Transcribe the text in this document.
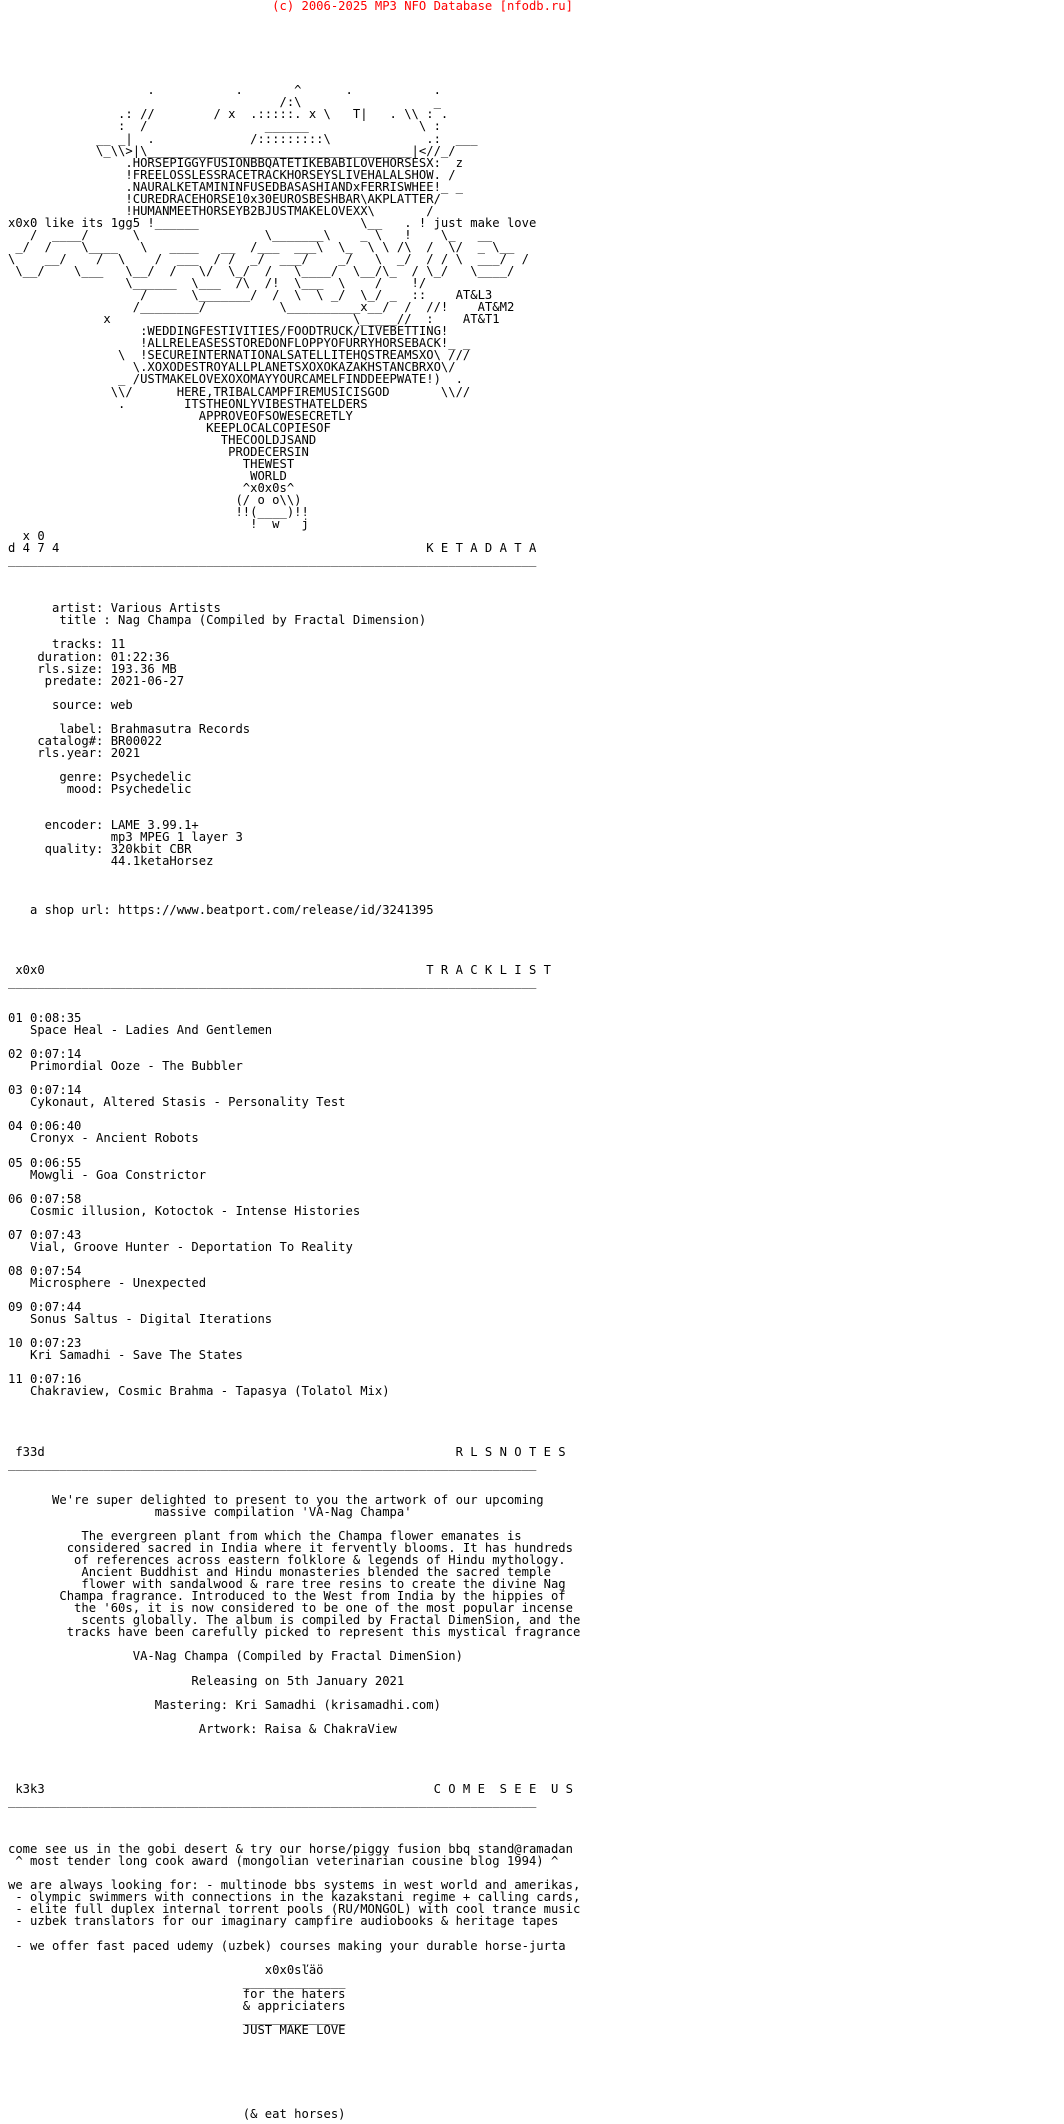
(c) 2006-2025 MP3 NFO Database [nfodb.ru]

.           .       ^      .           .
/:\                  _
.: //        / x  .:::::. x \   T|   . \\ : .
:  /                ______               \ :
__ _|  .             /:::::::::\             .:  ___
\_\\>|\____________________________________|<//_/
.HORSEPIGGYFUSIONBBQATETIKEBABILOVEHORSESX:  z
!FREELOSSLESSRACETRACKHORSEYSLIVEHALALSHOW. /
.NAURALKETAMININFUSEDBASASHIANDxFERRISWHEE!_ _
!CUREDRACEHORSE10x30EUROSBESHBAR\AKPLATTER/
!HUMANMEETHORSEYB2BJUSTMAKELOVEXX\       /
x0x0 like its 1gg5 !______                      \__   . ! just make love
/  ____/      \                 \_______\    _ \   !    \_   __
_/  /    \____   \   ____   __  /___  ___\  \_  \ \ /\  /  \/  _ \__
\    __/    /  \    /  ___  / /  _/  ___/    _/   \  _/  / / \  ___/  /
\__/    \___   \__/  /   \/  \_/  /   \____/  \__/\_  / \_/   \____/
\______  \___  /\  /!  \___  \    /    !/
/      \_______/  /  \  \ _/  \_/ _  ::    AT&L3
/________/          \__________x__/  /  //!    AT&M2
x                                 \_____//  :    AT&T1
:WEDDINGFESTIVITIES/FOODTRUCK/LIVEBETTING!
!ALLRELEASESSTOREDONFLOPPYOFURRYHORSEBACK!_ _
\  !SECUREINTERNATIONALSATELLITEHQSTREAMSXO\ ///
\.XOXODESTROYALLPLANETSXOXOKAZAKHSTANCBRXO\/
_ /USTMAKELOVEXOXOMAYYOURCAMELFINDDEEPWATE!)  .
\\/      HERE,TRIBALCAMPFIREMUSICISGOD       \\//
.        ITSTHEONLYVIBESTHATELDERS
APPROVEOFSOWESECRETLY
KEEPLOCALCOPIESOF
THECOOLDJSAND
PRODECERSIN
THEWEST
WORLD
^x0x0s^
(/ o o\\)
!!(____)!!
!  w   j
x 0
d 4 7 4                                                  K E T A D A T A
________________________________________________________________________

artist: Various Artists
title : Nag Champa (Compiled by Fractal Dimension)

tracks: 11
duration: 01:22:36
rls.size: 193.36 MB
predate: 2021-06-27

source: web

label: Brahmasutra Records
catalog#: BR00022
rls.year: 2021

genre: Psychedelic
mood: Psychedelic

encoder: LAME 3.99.1+
mp3 MPEG 1 layer 3
quality: 320kbit CBR
44.1ketaHorsez

a shop url: https://www.beatport.com/release/id/3241395

x0x0                                                    T R A C K L I S T
________________________________________________________________________

01 0:08:35
Space Heal - Ladies And Gentlemen

02 0:07:14
Primordial Ooze - The Bubbler

03 0:07:14
Cykonaut, Altered Stasis - Personality Test

04 0:06:40
Cronyx - Ancient Robots

05 0:06:55
Mowgli - Goa Constrictor

06 0:07:58
Cosmic illusion, Kotoctok - Intense Histories

07 0:07:43
Vial, Groove Hunter - Deportation To Reality

08 0:07:54
Microsphere - Unexpected

09 0:07:44
Sonus Saltus - Digital Iterations

10 0:07:23
Kri Samadhi - Save The States

11 0:07:16
Chakraview, Cosmic Brahma - Tapasya (Tolatol Mix)

f33d                                                        R L S N O T E S
________________________________________________________________________

We're super delighted to present to you the artwork of our upcoming
massive compilation 'VA-Nag Champa'

The evergreen plant from which the Champa flower emanates is
considered sacred in India where it fervently blooms. It has hundreds
of references across eastern folklore & legends of Hindu mythology.
Ancient Buddhist and Hindu monasteries blended the sacred temple
flower with sandalwood & rare tree resins to create the divine Nag
Champa fragrance. Introduced to the West from India by the hippies of
the '60s, it is now considered to be one of the most popular incense
scents globally. The album is compiled by Fractal DimenSion, and the
tracks have been carefully picked to represent this mystical fragrance

VA-Nag Champa (Compiled by Fractal DimenSion)

Releasing on 5th January 2021

Mastering: Kri Samadhi (krisamadhi.com)

Artwork: Raisa & ChakraView

k3k3                                                     C O M E  S E E  U S
________________________________________________________________________

come see us in the gobi desert & try our horse/piggy fusion bbq stand@ramadan
^ most tender long cook award (mongolian veterinarian cousine blog 1994) ^

we are always looking for: - multinode bbs systems in west world and amerikas,
- olympic swimmers with connections in the kazakstani regime + calling cards,
- elite full duplex internal torrent pools (RU/MONGOL) with cool trance music
- uzbek translators for our imaginary campfire audiobooks & heritage tapes

- we offer fast paced udemy (uzbek) courses making your durable horse-jurta

x0x0sľäö
______________
for the haters
& appriciaters
______________
JUST MAKE LOVE

(& eat horses)
